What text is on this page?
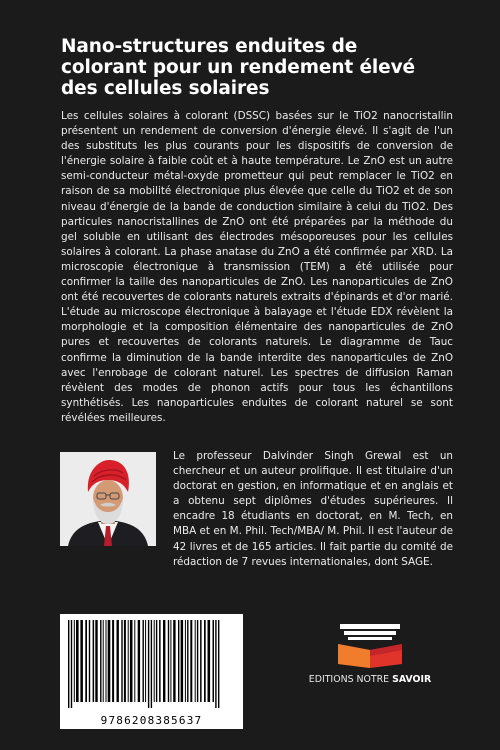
Nano-structures enduites de colorant pour un rendement élevé des cellules solaires

Les cellules solaires à colorant (DSSC) basées sur le TiO2 nanocristallin présentent un rendement de conversion d'énergie élevé. Il s'agit de l'un des substituts les plus courants pour les dispositifs de conversion de l'énergie solaire à faible coût et à haute température. Le ZnO est un autre semi-conducteur métal-oxyde prometteur qui peut remplacer le TiO2 en raison de sa mobilité électronique plus élevée que celle du TiO2 et de son niveau d'énergie de la bande de conduction similaire à celui du TiO2. Des particules nanocristallines de ZnO ont été préparées par la méthode du gel soluble en utilisant des électrodes mésoporeuses pour les cellules solaires à colorant. La phase anatase du ZnO a été confirmée par XRD. La microscopie électronique à transmission (TEM) a été utilisée pour confirmer la taille des nanoparticules de ZnO. Les nanoparticules de ZnO ont été recouvertes de colorants naturels extraits d'épinards et d'or marié. L'étude au microscope électronique à balayage et l'étude EDX révèlent la morphologie et la composition élémentaire des nanoparticules de ZnO pures et recouvertes de colorants naturels. Le diagramme de Tauc confirme la diminution de la bande interdite des nanoparticules de ZnO avec l'enrobage de colorant naturel. Les spectres de diffusion Raman révèlent des modes de phonon actifs pour tous les échantillons synthétisés. Les nanoparticules enduites de colorant naturel se sont révélées meilleures.

Le professeur Dalvinder Singh Grewal est un chercheur et un auteur prolifique. Il est titulaire d'un doctorat en gestion, en informatique et en anglais et a obtenu sept diplômes d'études supérieures. Il encadre 18 étudiants en doctorat, en M. Tech, en MBA et en M. Phil. Tech/MBA/ M. Phil. Il est l'auteur de 42 livres et de 165 articles. Il fait partie du comité de rédaction de 7 revues internationales, dont SAGE.

9786208385637
EDITIONS NOTRE SAVOIR
